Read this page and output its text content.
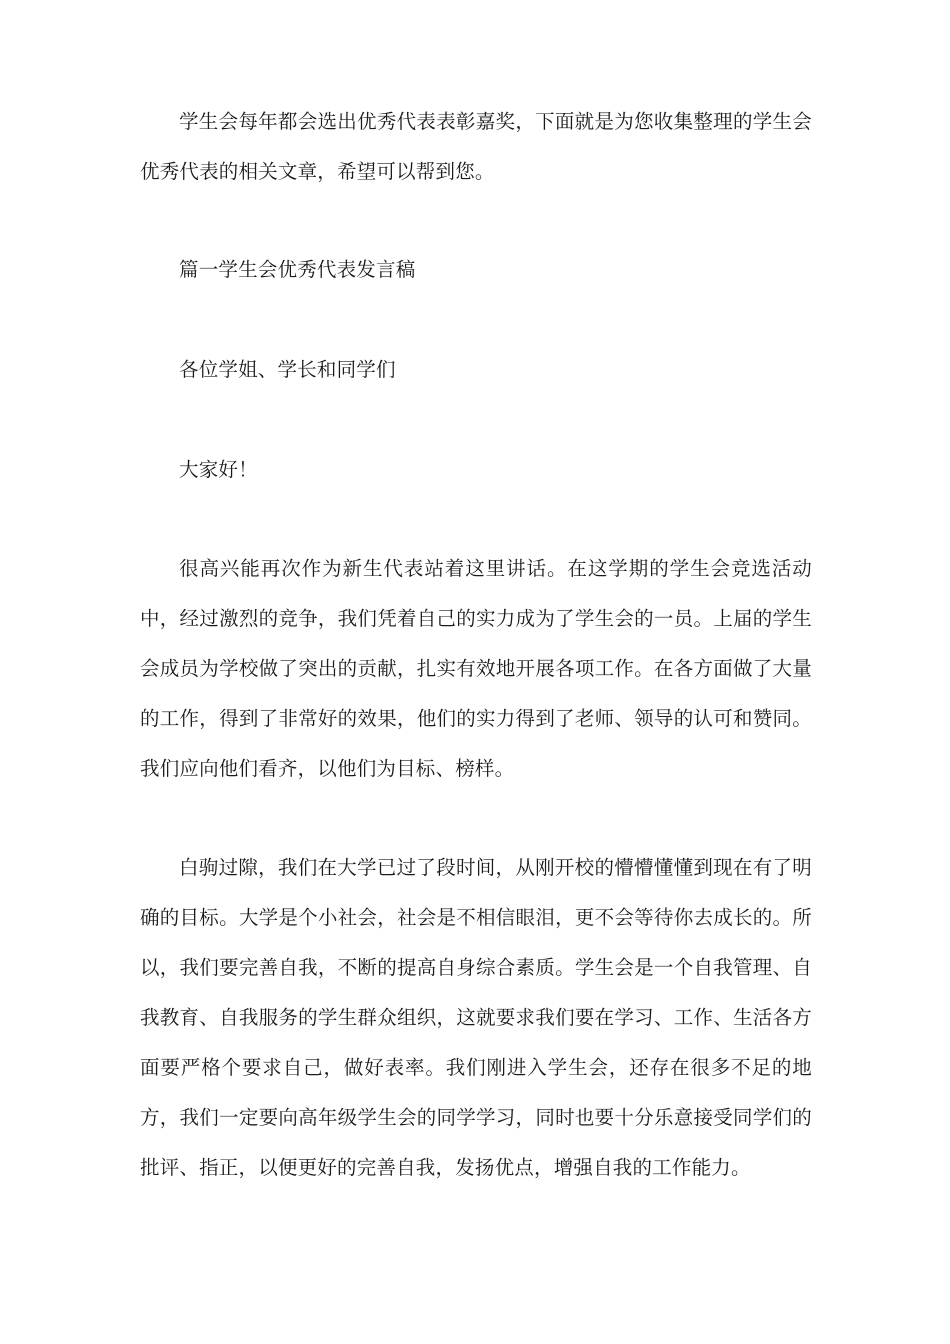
学生会每年都会选出优秀代表表彰嘉奖，下面就是为您收集整理的学生会优秀代表的相关文章，希望可以帮到您。

篇一学生会优秀代表发言稿

各位学姐、学长和同学们

大家好！

很高兴能再次作为新生代表站着这里讲话。在这学期的学生会竞选活动中，经过激烈的竞争，我们凭着自己的实力成为了学生会的一员。上届的学生会成员为学校做了突出的贡献，扎实有效地开展各项工作。在各方面做了大量的工作，得到了非常好的效果，他们的实力得到了老师、领导的认可和赞同。我们应向他们看齐，以他们为目标、榜样。

白驹过隙，我们在大学已过了段时间，从刚开校的懵懵懂懂到现在有了明确的目标。大学是个小社会，社会是不相信眼泪，更不会等待你去成长的。所以，我们要完善自我，不断的提高自身综合素质。学生会是一个自我管理、自我教育、自我服务的学生群众组织，这就要求我们要在学习、工作、生活各方面要严格个要求自己，做好表率。我们刚进入学生会，还存在很多不足的地方，我们一定要向高年级学生会的同学学习，同时也要十分乐意接受同学们的批评、指正，以便更好的完善自我，发扬优点，增强自我的工作能力。
